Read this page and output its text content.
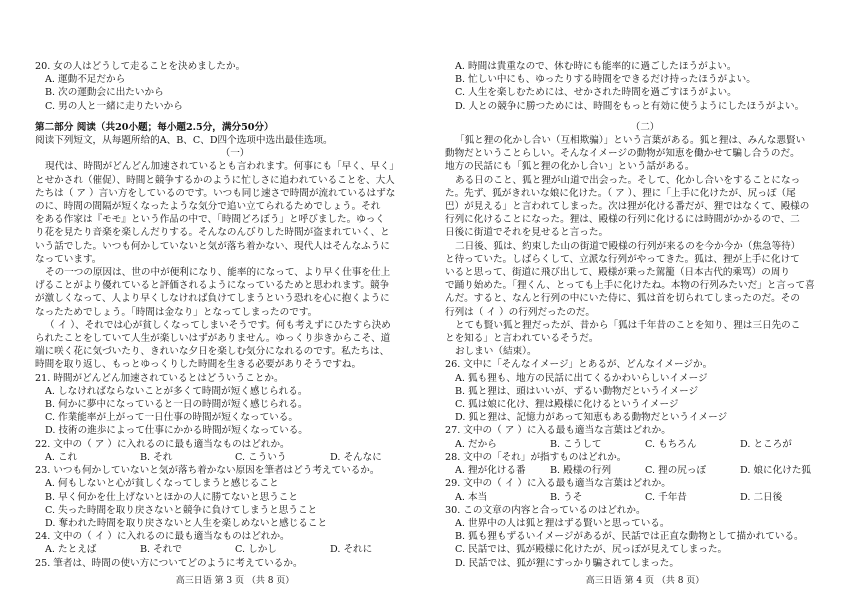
20. 女の人はどうして走ることを決めましたか。
A. 運動不足だから
B. 次の運動会に出たいから
C. 男の人と一緒に走りたいから
第二部分 阅读（共20小题；每小题2.5分，满分50分）
阅读下列短文，从每题所给的A、B、C、D四个选项中选出最佳选项。
（一）
現代は、時間がどんどん加速されているとも言われます。何事にも「早く、早く」
とせかされ（催促）、時間と競争するかのように忙しさに追われていることを、大人
たちは（ ア ）言い方をしているのです。いつも同じ速さで時間が流れているはずな
のに、時間の間隔が短くなったような気分で追い立てられるためでしょう。それ
をある作家は『モモ』という作品の中で、「時間どろぼう」と呼びました。ゆっく
り花を見たり音楽を楽しんだりする。そんなのんびりした時間が盗まれていく、と
いう話でした。いつも何かしていないと気が落ち着かない、現代人はそんなふうに
なっています。
その一つの原因は、世の中が便利になり、能率的になって、より早く仕事を仕上
げることがより優れていると評価されるようになっているためと思われます。競争
が激しくなって、人より早くしなければ負けてしまうという恐れを心に抱くように
なったためでしょう。「時間は金なり」となってしまったのです。
（ イ ）、それでは心が貧しくなってしまいそうです。何も考えずにひたすら決め
られたことをしていて人生が楽しいはずがありません。ゆっくり歩きからこそ、道
端に咲く花に気づいたり、きれいな夕日を楽しむ気分になれるのです。私たちは、
時間を取り返し、もっとゆっくりした時間を生きる必要がありそうですね。
21. 時間がどんどん加速されているとはどういうことか。
A. しなければならないことが多くて時間が短く感じられる。
B. 何かに夢中になっていると一日の時間が短く感じられる。
C. 作業能率が上がって一日仕事の時間が短くなっている。
D. 技術の進歩によって仕事にかかる時間が短くなっている。
22. 文中の（ ア ）に入れるのに最も適当なものはどれか。
A. これ	B. それ	C. こういう	D. そんなに
23. いつも何かしていないと気が落ち着かない原因を筆者はどう考えているか。
A. 何もしないと心が貧しくなってしまうと感じること
B. 早く何かを仕上げないとほかの人に勝てないと思うこと
C. 失った時間を取り戻さないと競争に負けてしまうと思うこと
D. 奪われた時間を取り戻さないと人生を楽しめないと感じること
24. 文中の（ イ ）に入れるのに最も適当なものはどれか。
A. たとえば	B. それで	C. しかし	D. それに
25. 筆者は、時間の使い方についてどのように考えているか。
高三日语 第 3 页 （共 8 页）
A. 時間は貴重なので、休む時にも能率的に過ごしたほうがよい。
B. 忙しい中にも、ゆったりする時間をできるだけ持ったほうがよい。
C. 人生を楽しむためには、せかされた時間を過ごすほうがよい。
D. 人との競争に勝つためには、時間をもっと有効に使うようにしたほうがよい。
（二）
「狐と狸の化かし合い（互相欺骗）」という言葉がある。狐と狸は、みんな悪賢い
動物だということらしい。そんなイメージの動物が知恵を働かせて騙し合うのだ。
地方の民話にも「狐と狸の化かし合い」という話がある。
ある日のこと、狐と狸が山道で出会った。そして、化かし合いをすることになっ
た。先ず、狐がきれいな娘に化けた。（ ア ）、狸に「上手に化けたが、尻っぽ（尾
巴）が見える」と言われてしまった。次は狸が化ける番だが、狸ではなくて、殿様の
行列に化けることになった。狸は、殿様の行列に化けるには時間がかかるので、二
日後に街道でそれを見せると言った。
二日後、狐は、約束した山の街道で殿様の行列が来るのを今か今か（焦急等待）
と待っていた。しばらくして、立派な行列がやってきた。狐は、狸が上手に化けて
いると思って、街道に飛び出して、殿様が乗った駕籠（日本古代的乘骂）の周り
で踊り始めた。「狸くん、とっても上手に化けたね。本物の行列みたいだ」と言って喜
んだ。すると、なんと行列の中にいた侍に、狐は首を切られてしまったのだ。その
行列は（ イ ）の行列だったのだ。
とても賢い狐と狸だったが、昔から「狐は千年昔のことを知り、狸は三日先のこ
とを知る」と言われているそうだ。
おしまい（結束）。
26. 文中に「そんなイメージ」とあるが、どんなイメージか。
A. 狐も狸も、地方の民話に出てくるかわいらしいイメージ
B. 狐と狸は、頭はいいが、ずるい動物だというイメージ
C. 狐は娘に化け、狸は殿様に化けるというイメージ
D. 狐と狸は、記憶力があって知恵もある動物だというイメージ
27. 文中の（ ア ）に入る最も適当な言葉はどれか。
A. だから	B. こうして	C. もちろん	D. ところが
28. 文中の「それ」が指すものはどれか。
A. 狸が化ける番	B. 殿様の行列	C. 狸の尻っぽ	D. 娘に化けた狐
29. 文中の（ イ ）に入る最も適当な言葉はどれか。
A. 本当	B. うそ	C. 千年昔	D. 二日後
30. この文章の内容と合っているのはどれか。
A. 世界中の人は狐と狸はずる賢いと思っている。
B. 狐も狸もずるいイメージがあるが、民話では正直な動物として描かれている。
C. 民話では、狐が殿様に化けたが、尻っぽが見えてしまった。
D. 民話では、狐が狸にすっかり騙されてしまった。
高三日语 第 4 页 （共 8 页）
